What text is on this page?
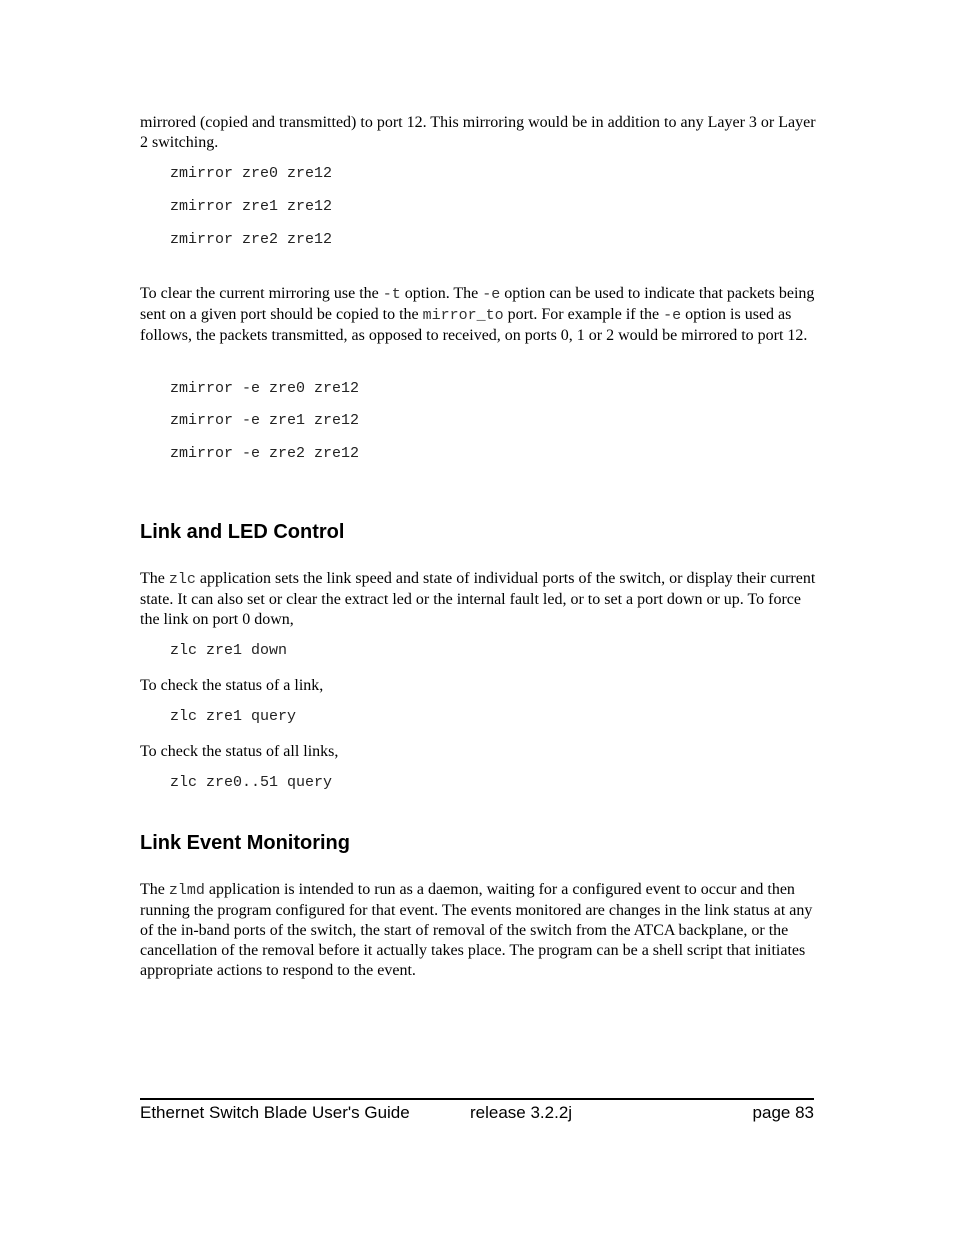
mirrored (copied and transmitted) to port 12. This mirroring would be in addition to any Layer 3 or Layer 2 switching.

zmirror zre0 zre12

zmirror zre1 zre12

zmirror zre2 zre12

To clear the current mirroring use the -t option. The -e option can be used to indicate that packets being sent on a given port should be copied to the mirror_to port. For example if the -e option is used as follows, the packets transmitted, as opposed to received, on ports 0, 1 or 2 would be mirrored to port 12.

zmirror -e zre0 zre12

zmirror -e zre1 zre12

zmirror -e zre2 zre12

Link and LED Control

The zlc application sets the link speed and state of individual ports of the switch, or display their current state. It can also set or clear the extract led or the internal fault led, or to set a port down or up. To force the link on port 0 down,

zlc zre1 down

To check the status of a link,

zlc zre1 query

To check the status of all links,

zlc zre0..51 query

Link Event Monitoring

The zlmd application is intended to run as a daemon, waiting for a configured event to occur and then running the program configured for that event. The events monitored are changes in the link status at any of the in-band ports of the switch, the start of removal of the switch from the ATCA backplane, or the cancellation of the removal before it actually takes place. The program can be a shell script that initiates appropriate actions to respond to the event.

Ethernet Switch Blade User's Guide	release 3.2.2j	page 83
